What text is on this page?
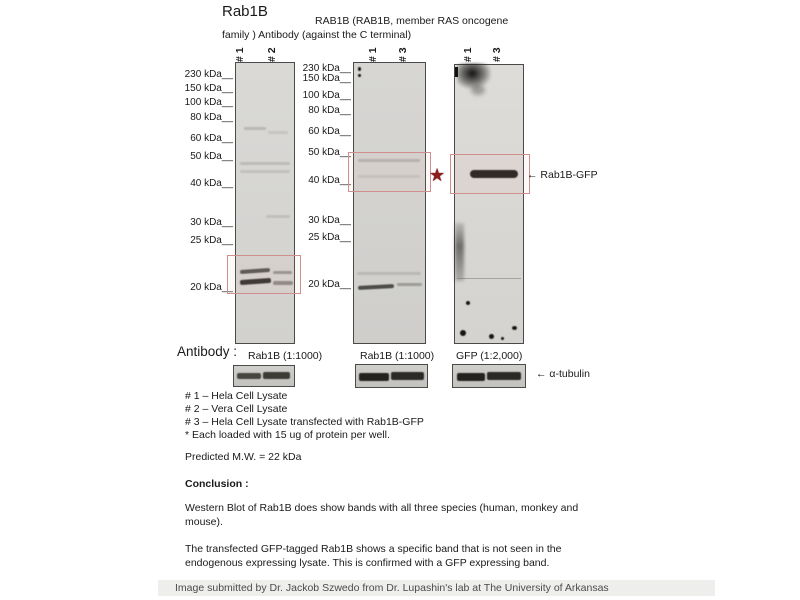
Rab1B
RAB1B (RAB1B, member RAS oncogene
family ) Antibody (against the C terminal)
# 1 # 2	# 1 # 3	# 1 # 3
230 kDa__
150 kDa__
100 kDa__
80 kDa__
60 kDa__
50 kDa__
40 kDa__
30 kDa__
25 kDa__
20 kDa__
230 kDa__
150 kDa__
100 kDa__
80 kDa__
60 kDa__
50 kDa__
40 kDa__
30 kDa__
25 kDa__
20 kDa__
★	← Rab1B-GFP
Antibody : Rab1B (1:1000)	Rab1B (1:1000) GFP (1:2,000)
← α-tubulin
# 1 – Hela Cell Lysate
# 2 – Vera Cell Lysate
# 3 – Hela Cell Lysate transfected with Rab1B-GFP
* Each loaded with 15 ug of protein per well.
Predicted M.W. = 22 kDa
Conclusion :
Western Blot of Rab1B does show bands with all three species (human, monkey and
mouse).
The transfected GFP-tagged Rab1B shows a specific band that is not seen in the
endogenous expressing lysate. This is confirmed with a GFP expressing band.
Image submitted by Dr. Jackob Szwedo from Dr. Lupashin's lab at The University of Arkansas
